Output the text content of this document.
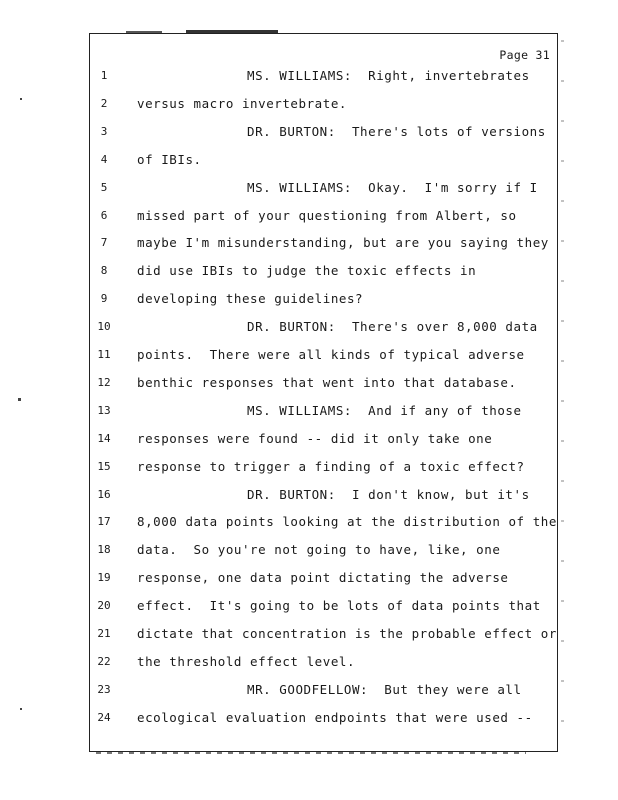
Page 31
1	MS. WILLIAMS:  Right, invertebrates
2	versus macro invertebrate.
3	DR. BURTON:  There's lots of versions
4	of IBIs.
5	MS. WILLIAMS:  Okay.  I'm sorry if I
6	missed part of your questioning from Albert, so
7	maybe I'm misunderstanding, but are you saying they
8	did use IBIs to judge the toxic effects in
9	developing these guidelines?
10	DR. BURTON:  There's over 8,000 data
11	points.  There were all kinds of typical adverse
12	benthic responses that went into that database.
13	MS. WILLIAMS:  And if any of those
14	responses were found -- did it only take one
15	response to trigger a finding of a toxic effect?
16	DR. BURTON:  I don't know, but it's
17	8,000 data points looking at the distribution of the
18	data.  So you're not going to have, like, one
19	response, one data point dictating the adverse
20	effect.  It's going to be lots of data points that
21	dictate that concentration is the probable effect or
22	the threshold effect level.
23	MR. GOODFELLOW:  But they were all
24	ecological evaluation endpoints that were used --
